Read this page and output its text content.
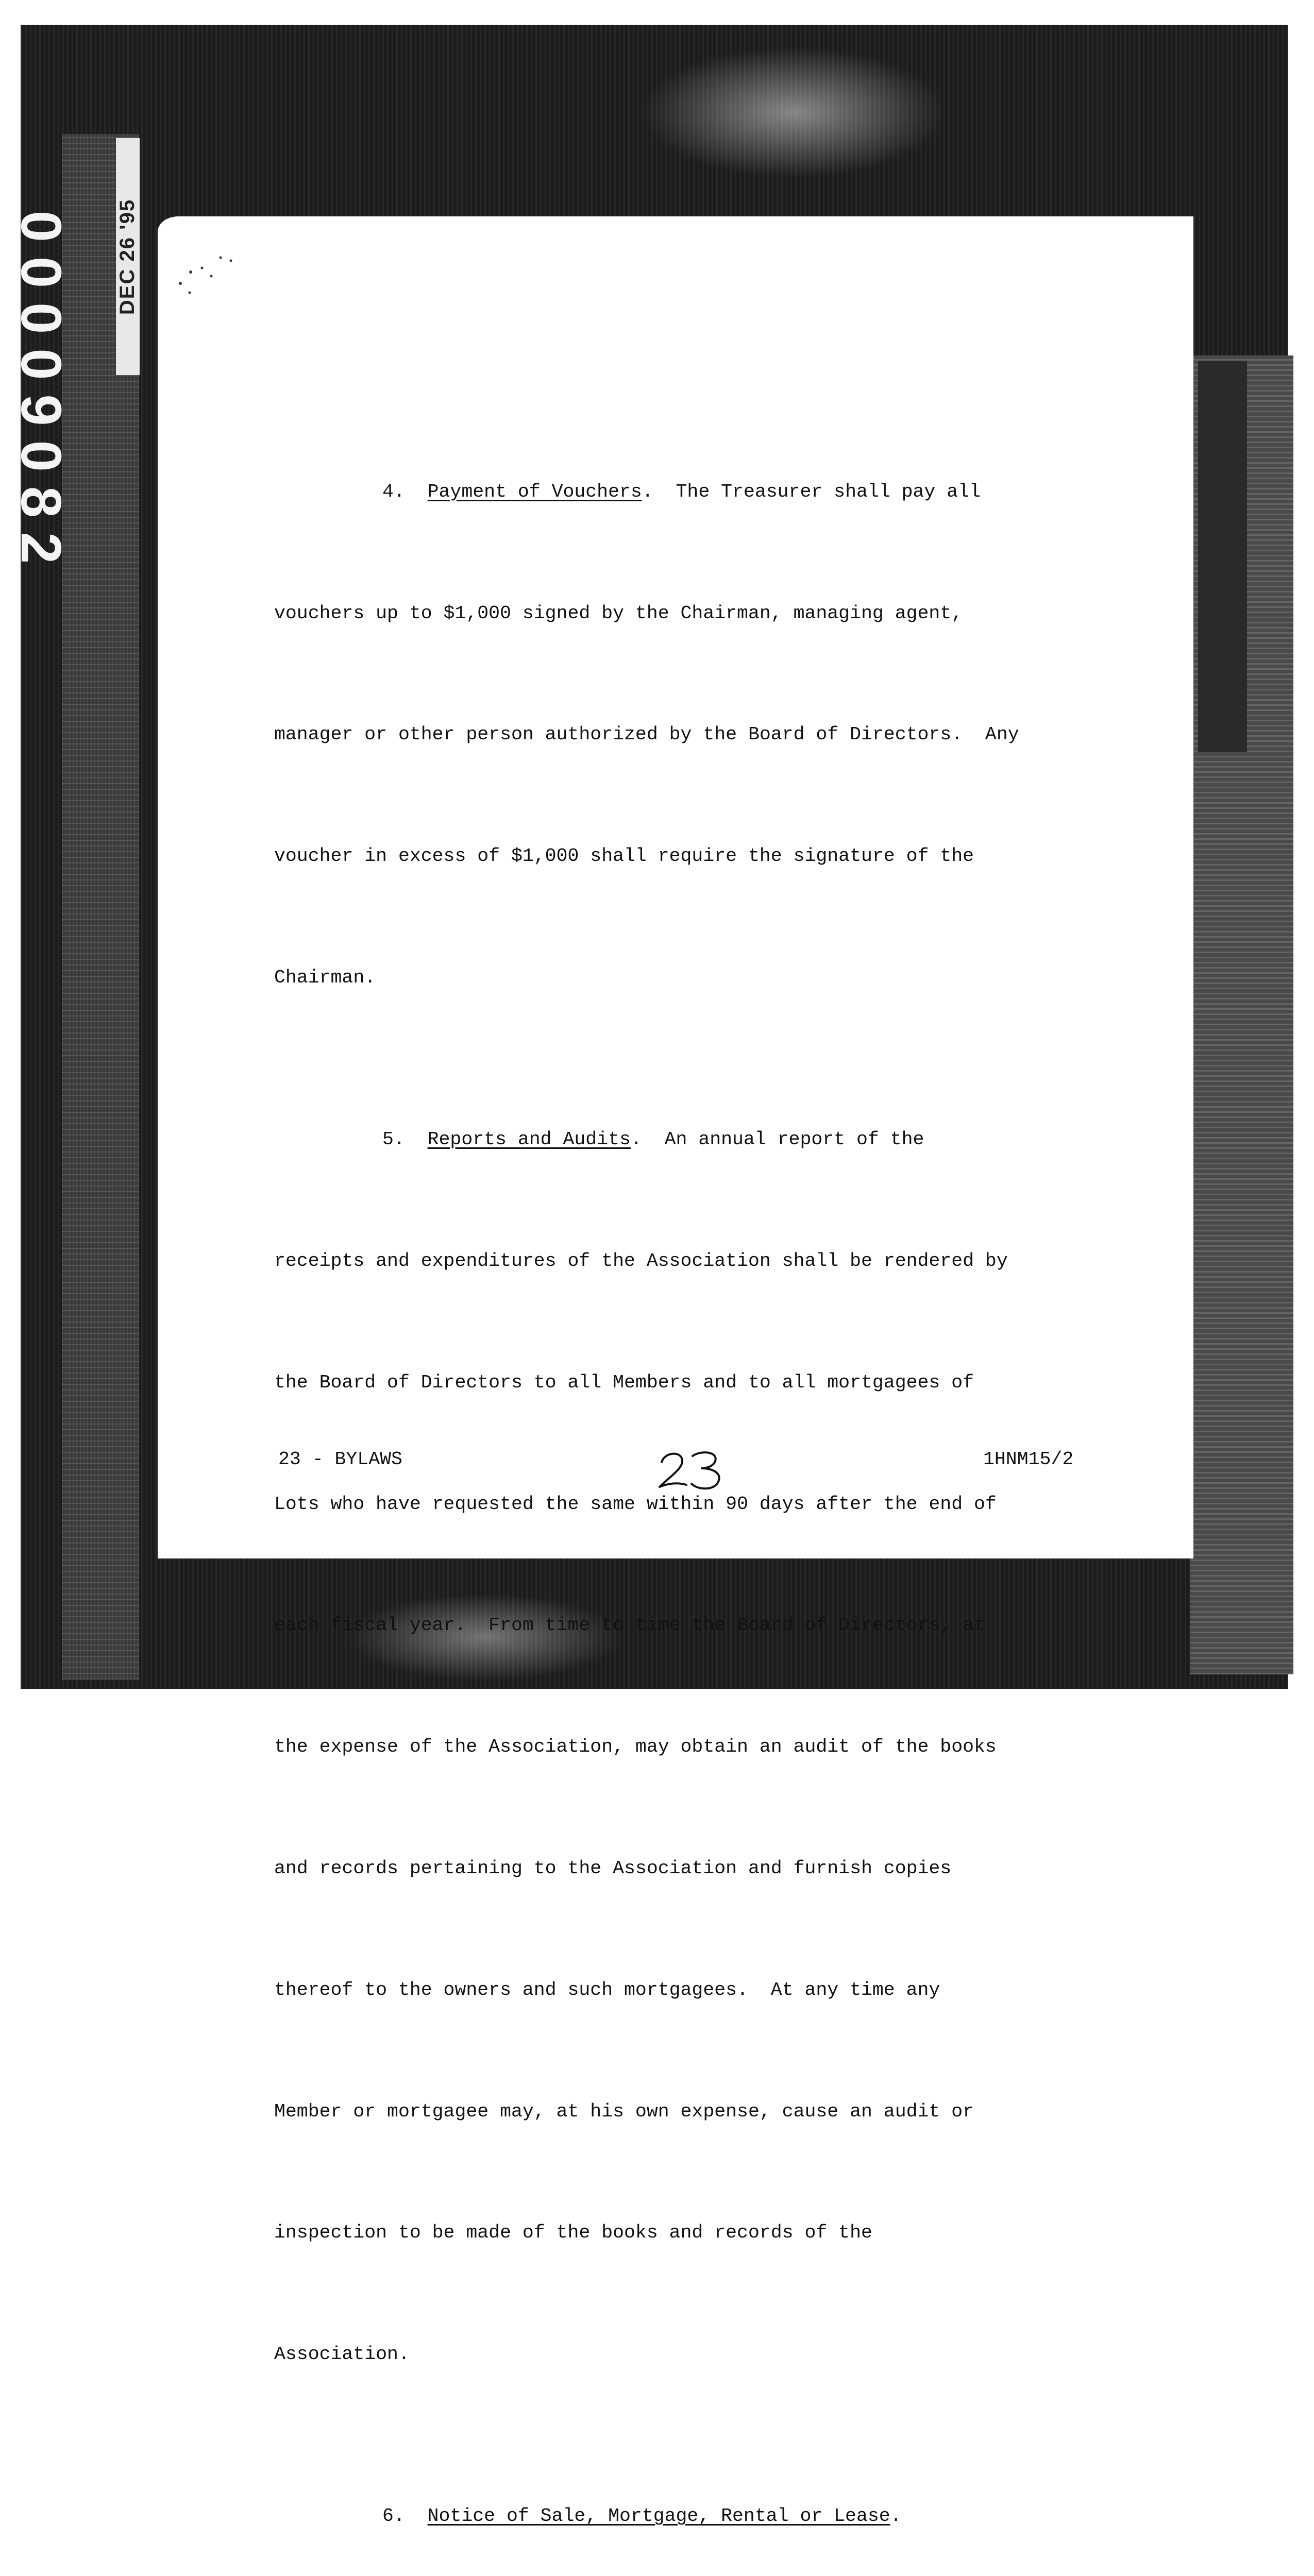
00009082 DEC 26 '95

4. Payment of Vouchers.  The Treasurer shall pay all

vouchers up to $1,000 signed by the Chairman, managing agent,

manager or other person authorized by the Board of Directors.  Any

voucher in excess of $1,000 shall require the signature of the

Chairman.

5. Reports and Audits.  An annual report of the

receipts and expenditures of the Association shall be rendered by

the Board of Directors to all Members and to all mortgagees of

Lots who have requested the same within 90 days after the end of

each fiscal year.  From time to time the Board of Directors, at

the expense of the Association, may obtain an audit of the books

and records pertaining to the Association and furnish copies

thereof to the owners and such mortgagees.  At any time any

Member or mortgagee may, at his own expense, cause an audit or

inspection to be made of the books and records of the

Association.

6. Notice of Sale, Mortgage, Rental or Lease.

23 - BYLAWS	1HNM15/2
